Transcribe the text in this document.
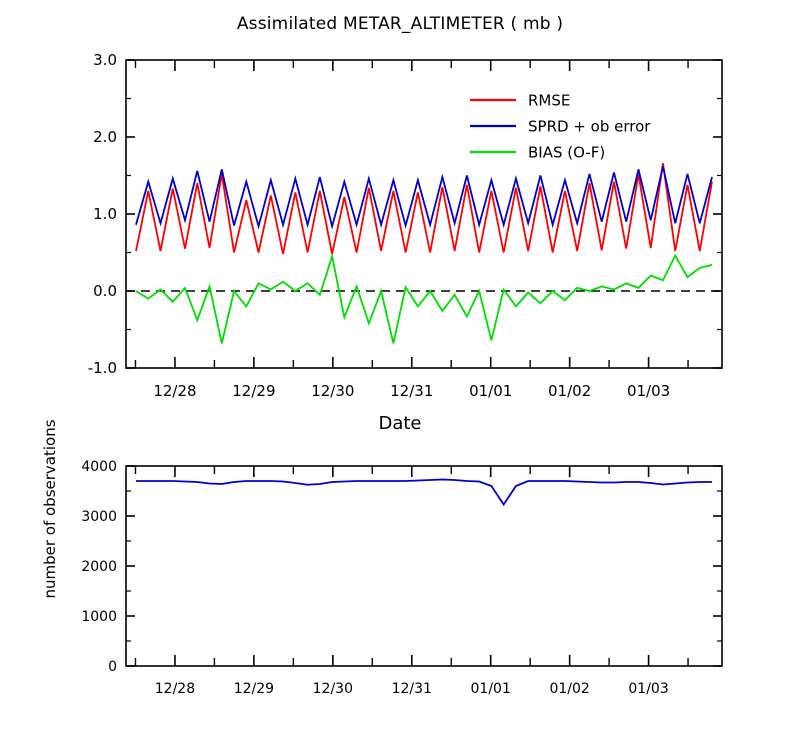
Assimilated METAR_ALTIMETER ( mb )
-1.0
0.0
1.0
2.0
3.0
12/28 12/29 12/30 12/31 01/01 01/02 01/03
RMSE
SPRD + ob error
BIAS (O-F)
Date
0
1000
2000
3000
4000
12/28	12/29	12/30	12/31	01/01	01/02	01/03
number of observations
